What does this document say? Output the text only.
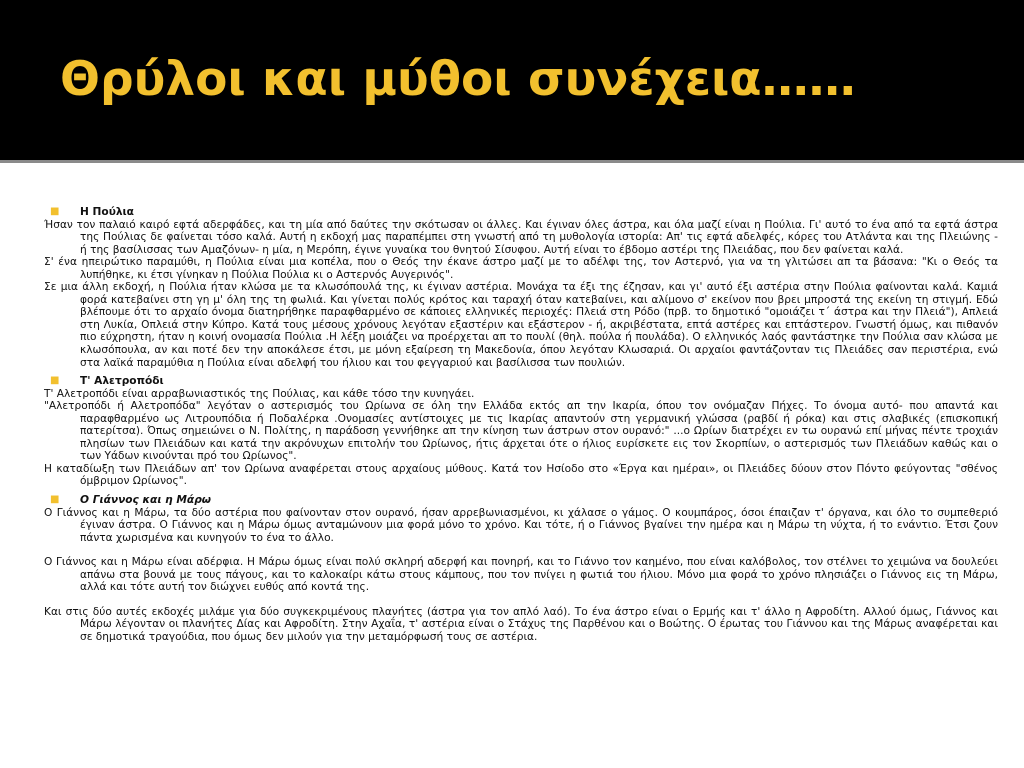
Θρύλοι και μύθοι συνέχεια……
■ Η Πούλια

Ήσαν τον παλαιό καιρό εφτά αδερφάδες, και τη μία από δαύτες την σκότωσαν οι άλλες. Και έγιναν όλες άστρα, και όλα μαζί είναι η Πούλια. Γι' αυτό το ένα από τα εφτά άστρα της Πούλιας δε φαίνεται τόσο καλά. Αυτή η εκδοχή μας παραπέμπει στη γνωστή από τη μυθολογία ιστορία: Απ' τις εφτά αδελφές, κόρες του Ατλάντα και της Πλειώνης - ή της βασίλισσας των Αμαζόνων- η μία, η Μερόπη, έγινε γυναίκα του θνητού Σίσυφου. Αυτή είναι το έβδομο αστέρι της Πλειάδας, που δεν φαίνεται καλά.

Σ' ένα ηπειρώτικο παραμύθι, η Πούλια είναι μια κοπέλα, που ο Θεός την έκανε άστρο μαζί με το αδέλφι της, τον Αστερνό, για να τη γλιτώσει απ τα βάσανα: "Κι ο Θεός τα λυπήθηκε, κι έτσι γίνηκαν η Πούλια Πούλια κι ο Αστερνός Αυγερινός".

Σε μια άλλη εκδοχή, η Πούλια ήταν κλώσα με τα κλωσόπουλά της, κι έγιναν αστέρια. Μονάχα τα έξι της έζησαν, και γι' αυτό έξι αστέρια στην Πούλια φαίνονται καλά. Καμιά φορά κατεβαίνει στη γη μ' όλη της τη φωλιά. Και γίνεται πολύς κρότος και ταραχή όταν κατεβαίνει, και αλίμονο σ' εκείνον που βρει μπροστά της εκείνη τη στιγμή. Εδώ βλέπουμε ότι το αρχαίο όνομα διατηρήθηκε παραφθαρμένο σε κάποιες ελληνικές περιοχές: Πλειά στη Ρόδο (πρβ. το δημοτικό "ομοιάζει τ΄ άστρα και την Πλειά"), Απλειά στη Λυκία, Οπλειά στην Κύπρο. Κατά τους μέσους χρόνους λεγόταν εξαστέριν και εξάστερον - ή, ακριβέστατα, επτά αστέρες και επτάστερον. Γνωστή όμως, και πιθανόν πιο εύχρηστη, ήταν η κοινή ονομασία Πούλια .Η λέξη μοιάζει να προέρχεται απ το πουλί (θηλ. πούλα ή πουλάδα). Ο ελληνικός λαός φαντάστηκε την Πούλια σαν κλώσα με κλωσόπουλα, αν και ποτέ δεν την αποκάλεσε έτσι, με μόνη εξαίρεση τη Μακεδονία, όπου λεγόταν Κλωσαριά. Οι αρχαίοι φαντάζονταν τις Πλειάδες σαν περιστέρια, ενώ στα λαϊκά παραμύθια η Πούλια είναι αδελφή του ήλιου και του φεγγαριού και βασίλισσα των πουλιών.

■ Τ' Αλετροπόδι

Τ' Αλετροπόδι είναι αρραβωνιαστικός της Πούλιας, και κάθε τόσο την κυνηγάει.

"Αλετροπόδι ή Αλετροπόδα" λεγόταν ο αστερισμός του Ωρίωνα σε όλη την Ελλάδα εκτός απ την Ικαρία, όπου τον ονόμαζαν Πήχες. Το όνομα αυτό- που απαντά και παραφθαρμένο ως Λιτρουπόδια ή Ποδαλέρκα .Ονομασίες αντίστοιχες με τις Ικαρίας απαντούν στη γερμανική γλώσσα (ραβδί ή ρόκα) και στις σλαβικές (επισκοπική πατερίτσα). Όπως σημειώνει ο Ν. Πολίτης, η παράδοση γεννήθηκε απ την κίνηση των άστρων στον ουρανό:" ...ο Ωρίων διατρέχει εν τω ουρανώ επί μήνας πέντε τροχιάν πλησίων των Πλειάδων και κατά την ακρόνυχων επιτολήν του Ωρίωνος, ήτις άρχεται ότε ο ήλιος ευρίσκετε εις τον Σκορπίων, ο αστερισμός των Πλειάδων καθώς και ο των Υάδων κινούνται πρό του Ωρίωνος".

Η καταδίωξη των Πλειάδων απ' τον Ωρίωνα αναφέρεται στους αρχαίους μύθους. Κατά τον Ησίοδο στο «Έργα και ημέραι», οι Πλειάδες δύουν στον Πόντο φεύγοντας "σθένος όμβριμον Ωρίωνος".

■ Ο Γιάννος και η Μάρω

Ο Γιάννος και η Μάρω, τα δύο αστέρια που φαίνονταν στον ουρανό, ήσαν αρρεβωνιασμένοι, κι χάλασε ο γάμος. Ο κουμπάρος, όσοι έπαιζαν τ' όργανα, και όλο το συμπεθεριό έγιναν άστρα. Ο Γιάννος και η Μάρω όμως ανταμώνουν μια φορά μόνο το χρόνο. Και τότε, ή ο Γιάννος βγαίνει την ημέρα και η Μάρω τη νύχτα, ή το ενάντιο. Έτσι ζουν πάντα χωρισμένα και κυνηγούν το ένα το άλλο.

Ο Γιάννος και η Μάρω είναι αδέρφια. Η Μάρω όμως είναι πολύ σκληρή αδερφή και πονηρή, και το Γιάννο τον καημένο, που είναι καλόβολος, τον στέλνει το χειμώνα να δουλεύει απάνω στα βουνά με τους πάγους, και το καλοκαίρι κάτω στους κάμπους, που τον πνίγει η φωτιά του ήλιου. Μόνο μια φορά το χρόνο πλησιάζει ο Γιάννος εις τη Μάρω, αλλά και τότε αυτή τον διώχνει ευθύς από κοντά της.

Και στις δύο αυτές εκδοχές μιλάμε για δύο συγκεκριμένους πλανήτες (άστρα για τον απλό λαό). Το ένα άστρο είναι ο Ερμής και τ' άλλο η Αφροδίτη. Αλλού όμως, Γιάννος και Μάρω λέγονταν οι πλανήτες Δίας και Αφροδίτη. Στην Αχαΐα, τ' αστέρια είναι ο Στάχυς της Παρθένου και ο Βοώτης. Ο έρωτας του Γιάννου και της Μάρως αναφέρεται και σε δημοτικά τραγούδια, που όμως δεν μιλούν για την μεταμόρφωσή τους σε αστέρια.
